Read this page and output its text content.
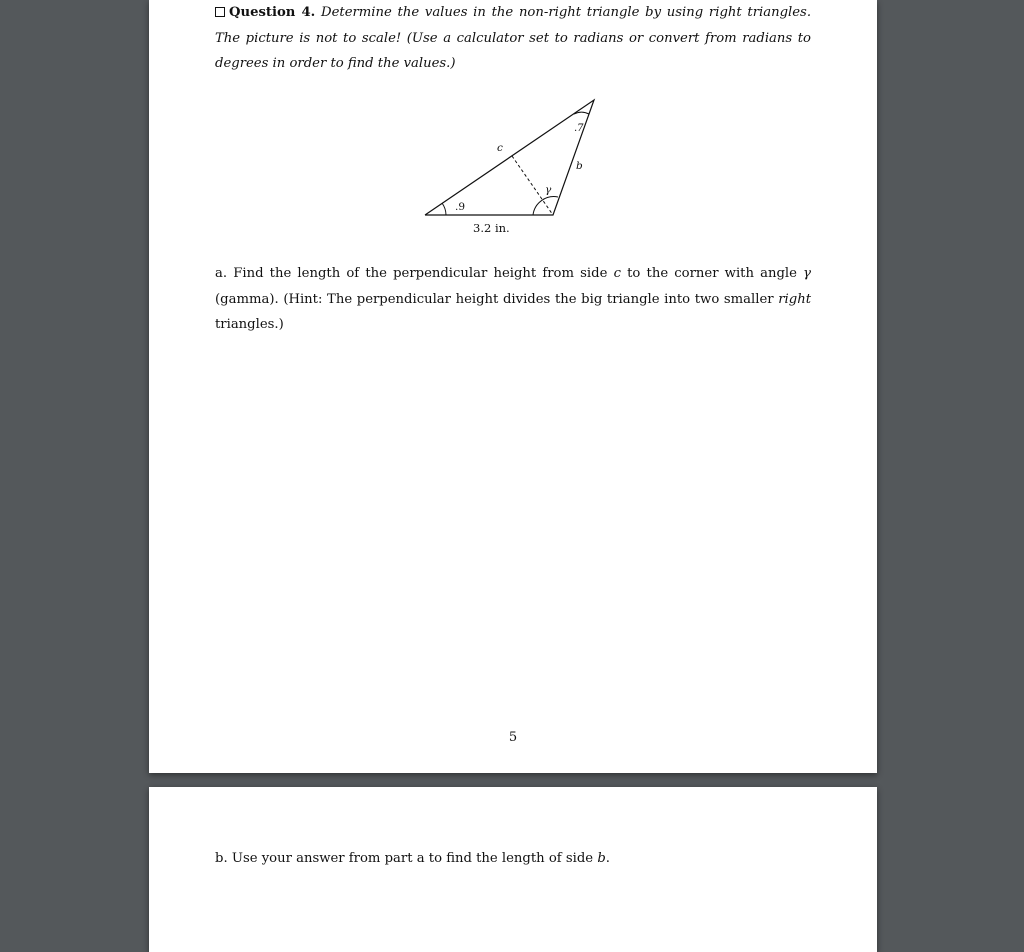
Question 4. Determine the values in the non-right triangle by using right triangles. The picture is not to scale! (Use a calculator set to radians or convert from radians to degrees in order to find the values.)
.9
.7
γ
c
b
3.2 in.
a. Find the length of the perpendicular height from side c to the corner with angle γ (gamma). (Hint: The perpendicular height divides the big triangle into two smaller right triangles.)
5
b. Use your answer from part a to find the length of side b.
